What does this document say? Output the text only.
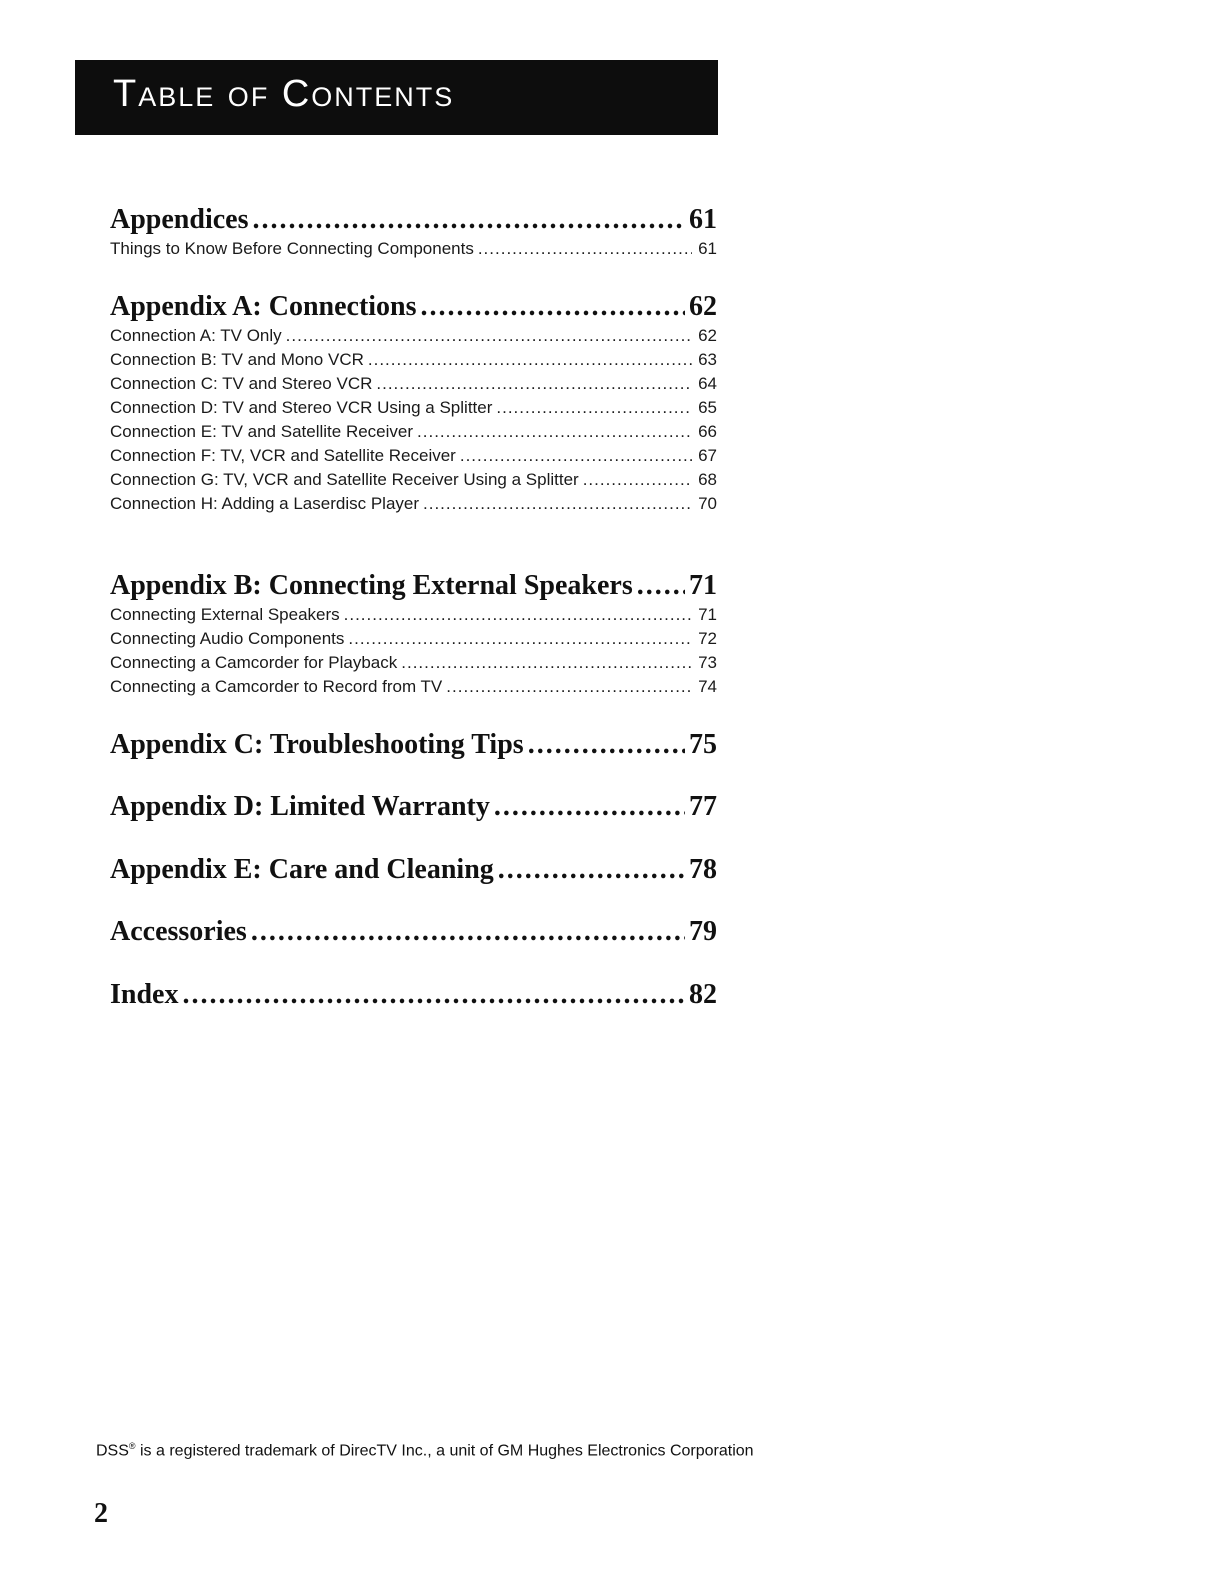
Table of Contents
Appendices .....	61
Things to Know Before Connecting Components .....	61
Appendix A: Connections .....	62
Connection A: TV Only .....	62
Connection B: TV and Mono VCR .....	63
Connection C: TV and Stereo VCR .....	64
Connection D: TV and Stereo VCR Using a Splitter .....	65
Connection E: TV and Satellite Receiver .....	66
Connection F: TV, VCR and Satellite Receiver .....	67
Connection G: TV, VCR and Satellite Receiver Using a Splitter .....	68
Connection H: Adding a Laserdisc Player .....	70
Appendix B: Connecting External Speakers ..... 71
Connecting External Speakers .....	71
Connecting Audio Components .....	72
Connecting a Camcorder for Playback .....	73
Connecting a Camcorder to Record from TV .....	74
Appendix C: Troubleshooting Tips .....	75
Appendix D: Limited Warranty .....	77
Appendix E: Care and Cleaning .....	78
Accessories .....	79
Index .....	82
DSS® is a registered trademark of DirecTV Inc., a unit of GM Hughes Electronics Corporation
2
